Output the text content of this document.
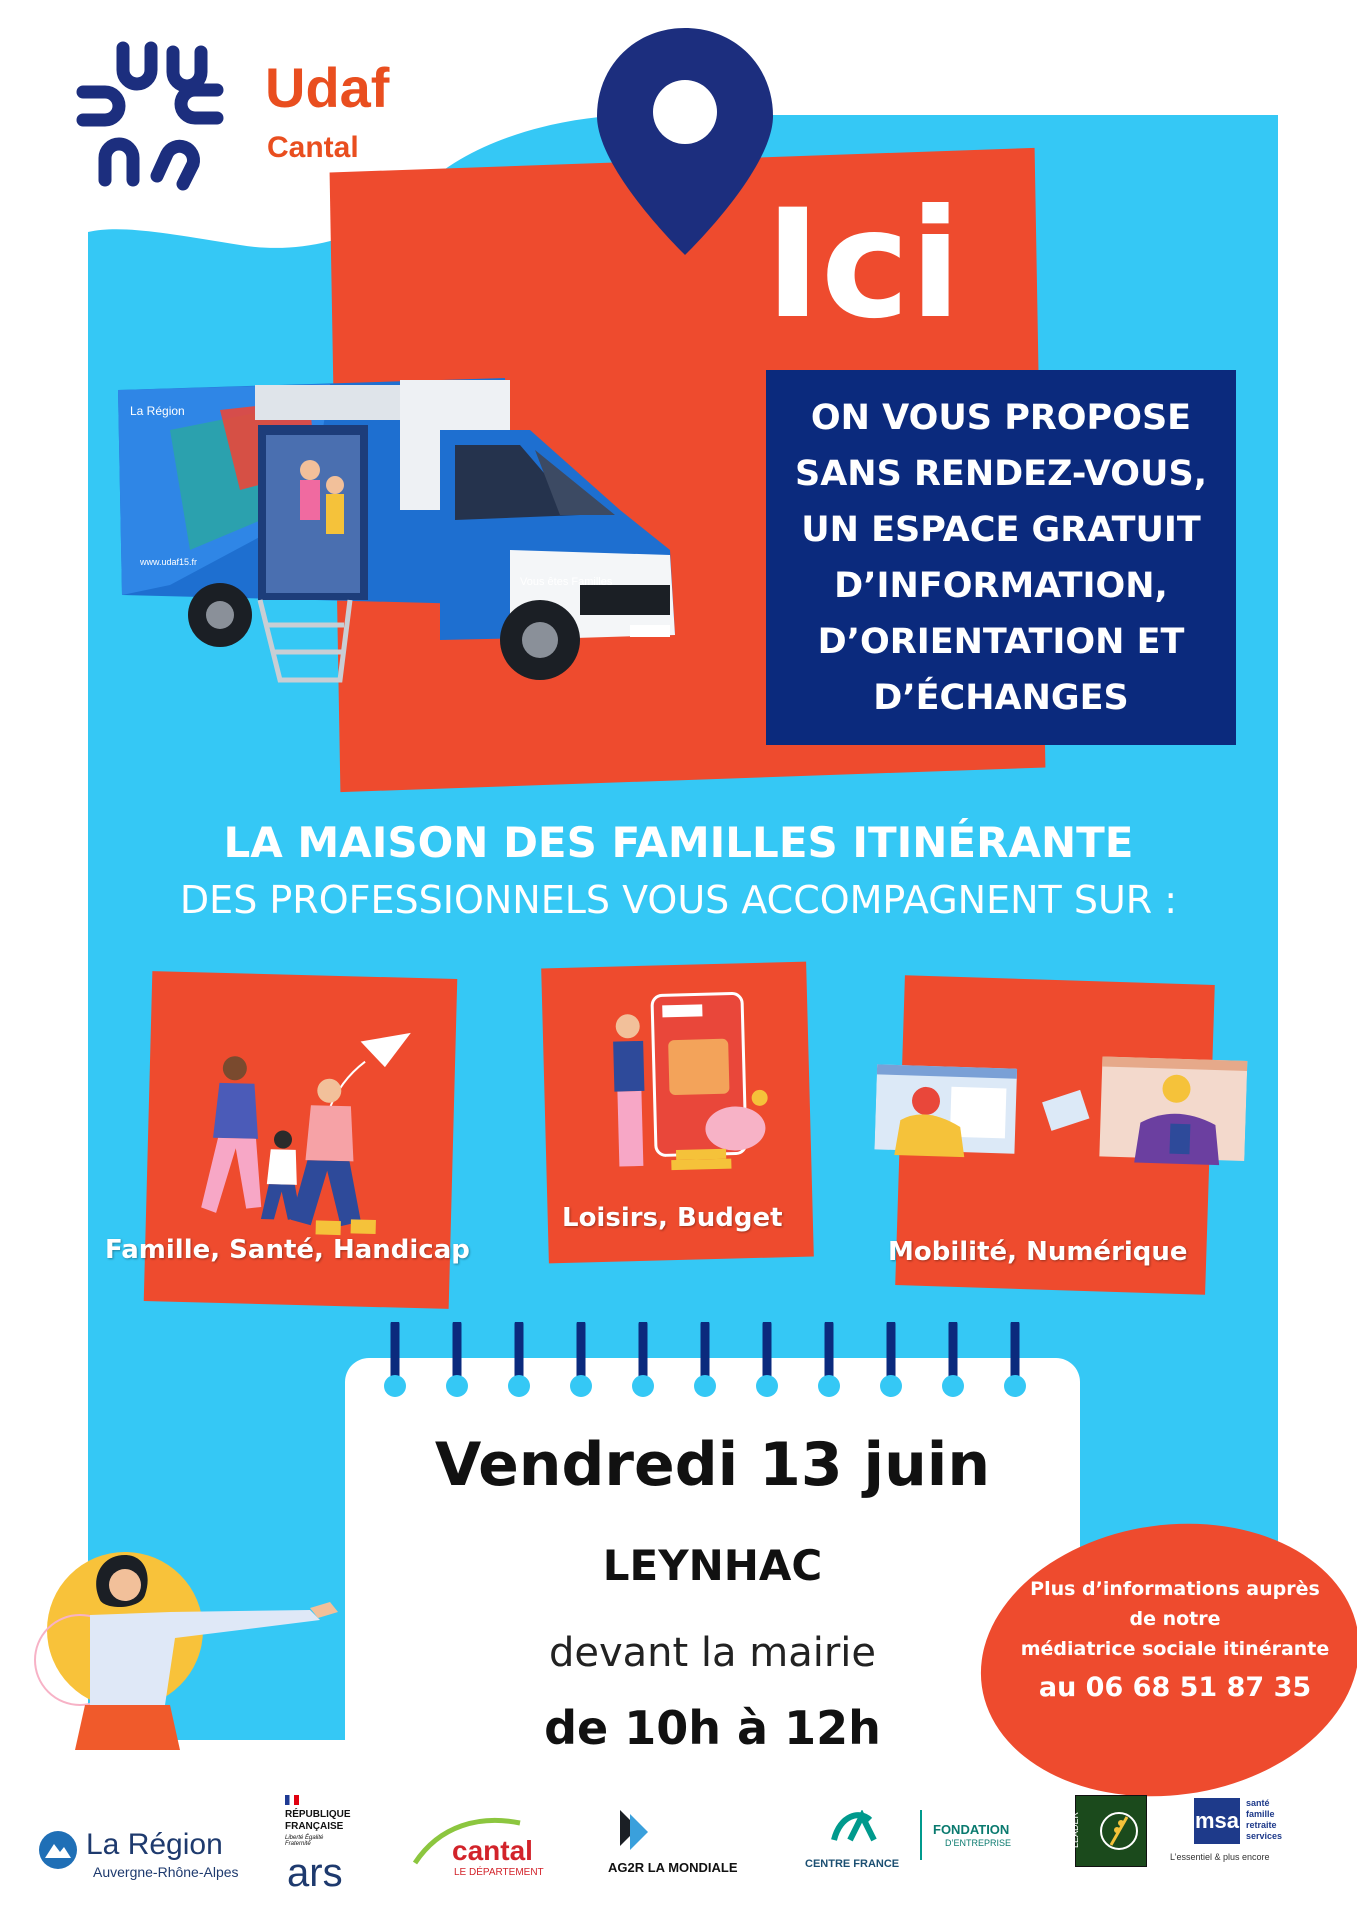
Udaf
Cantal
Ici
ON VOUS PROPOSE
SANS RENDEZ-VOUS,
UN ESPACE GRATUIT
D’INFORMATION,
D’ORIENTATION ET
D’ÉCHANGES
La Région
www.udaf15.fr
Vous êtes Familles
LA MAISON DES FAMILLES ITINÉRANTE
DES PROFESSIONNELS VOUS ACCOMPAGNENT SUR :
Famille, Santé, Handicap
Loisirs, Budget
Mobilité, Numérique
Vendredi 13 juin
LEYNHAC
devant la mairie
de 10h à 12h
Plus d’informations auprès
de notre
médiatrice sociale itinérante
au 06 68 51 87 35
La Région
Auvergne-Rhône-Alpes
RÉPUBLIQUE
FRANÇAISE
Liberté Égalité Fraternité
ars
cantal
LE DÉPARTEMENT	AG2R LA MONDIALE	CENTRE FRANCE
FONDATION
D’ENTREPRISE	LEADER	msa
santé
famille
retraite
services
L’essentiel & plus encore
